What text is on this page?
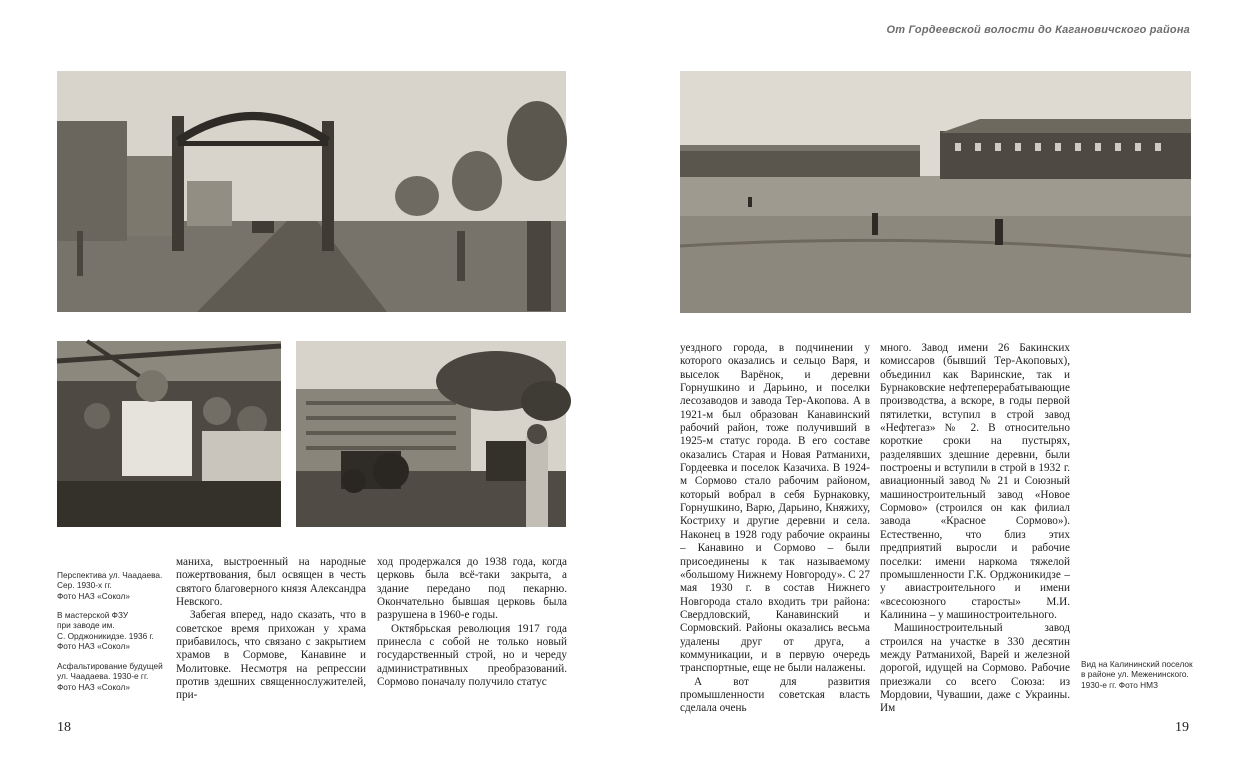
Перспектива ул. Чаадаева.
Сер. 1930-х гг.
Фото НАЗ «Сокол»
В мастерской ФЗУ
при заводе им.
С. Орджоникидзе. 1936 г.
Фото НАЗ «Сокол»
Асфальтирование будущей
ул. Чаадаева. 1930-е гг.
Фото НАЗ «Сокол»

маниха, выстроенный на народные пожертвования, был освящен в честь святого благоверного князя Александра Невского.

Забегая вперед, надо сказать, что в советское время прихожан у храма прибавилось, что связано с закрытием храмов в Сормове, Канавине и Молитовке. Несмотря на репрессии против здешних священнослужителей, при-

ход продержался до 1938 года, когда церковь была всё-таки закрыта, а здание передано под пекарню. Окончательно бывшая церковь была разрушена в 1960-е годы.

Октябрьская революция 1917 года принесла с собой не только новый государственный строй, но и череду административных преобразований. Сормово поначалу получило статус

18
От Гордеевской волости до Кагановичского района

уездного города, в подчинении у которого оказались и сельцо Варя, и выселок Варёнок, и деревни Горнушкино и Дарьино, и поселки лесозаводов и завода Тер-Акопова. А в 1921-м был образован Канавинский рабочий район, тоже получивший в 1925-м статус города. В его составе оказались Старая и Новая Ратманихи, Гордеевка и поселок Казачиха. В 1924-м Сормово стало рабочим районом, который вобрал в себя Бурнаковку, Горнушкино, Варю, Дарьино, Княжиху, Кострихy и другие деревни и села. Наконец в 1928 году рабочие окраины – Канавино и Сормово – были присоединены к так называемому «большому Нижнему Новгороду». С 27 мая 1930 г. в состав Нижнего Новгорода стало входить три района: Свердловский, Канавинский и Сормовский. Районы оказались весьма удалены друг от друга, а коммуникации, и в первую очередь транспортные, еще не были налажены.

А вот для развития промышленности советская власть сделала очень

много. Завод имени 26 Бакинских комиссаров (бывший Тер-Акоповых), объединил как Варинские, так и Бурнаковские нефтеперерабатывающие производства, а вскоре, в годы первой пятилетки, вступил в строй завод «Нефтегаз» № 2. В относительно короткие сроки на пустырях, разделявших здешние деревни, были построены и вступили в строй в 1932 г. авиационный завод № 21 и Союзный машиностроительный завод «Новое Сормово» (строился он как филиал завода «Красное Сормово»). Естественно, что близ этих предприятий выросли и рабочие поселки: имени наркома тяжелой промышленности Г.К. Орджоникидзе – у авиастроительного и имени «всесоюзного старосты» М.И. Калинина – у машиностроительного.

Машиностроительный завод строился на участке в 330 десятин между Ратманихой, Варей и железной дорогой, идущей на Сормово. Рабочие приезжали со всего Союза: из Мордовии, Чувашии, даже с Украины. Им

Вид на Калининский поселок
в районе ул. Меженинского.
1930-е гг. Фото НМЗ
19
